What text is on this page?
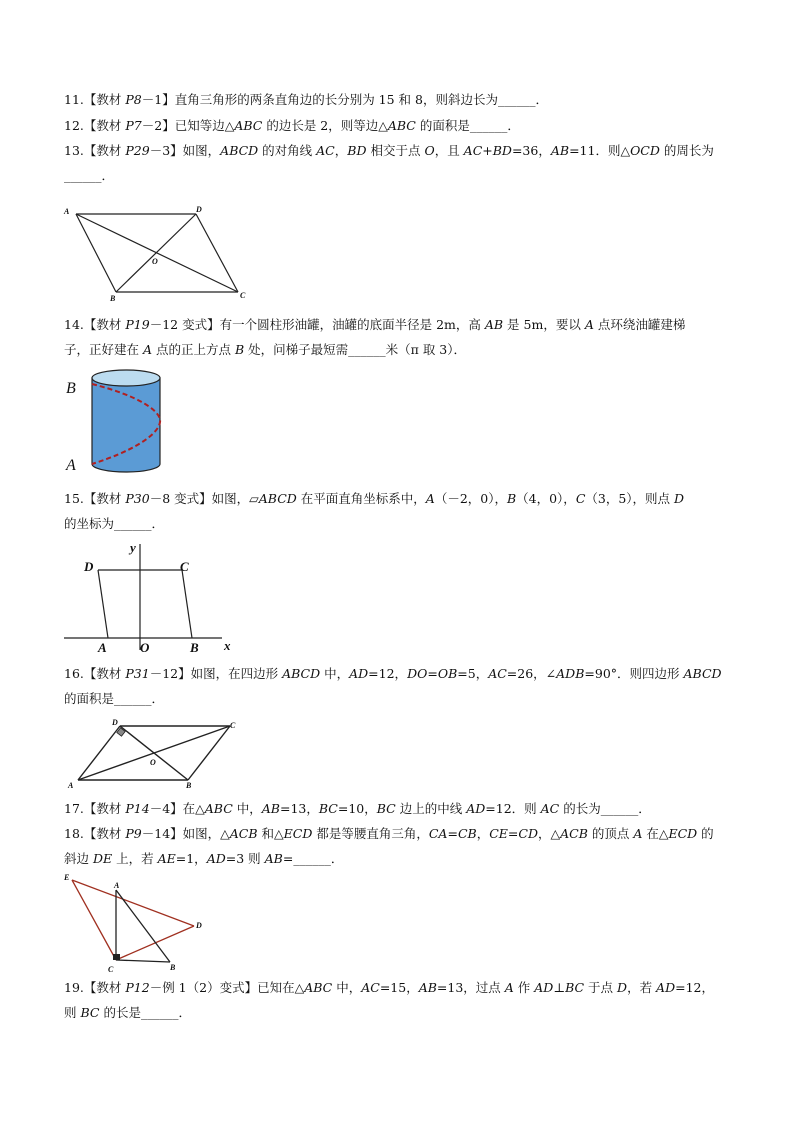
11.【教材 P8－1】直角三角形的两条直角边的长分别为 15 和 8，则斜边长为______．
12.【教材 P7－2】已知等边△ABC 的边长是 2，则等边△ABC 的面积是______．
13.【教材 P29－3】如图，ABCD 的对角线 AC，BD 相交于点 O，且 AC+BD=36，AB=11．则△OCD 的周长为
______．
A	D
O
B	C
14.【教材 P19－12 变式】有一个圆柱形油罐，油罐的底面半径是 2m，高 AB 是 5m，要以 A 点环绕油罐建梯
子，正好建在 A 点的正上方点 B 处，问梯子最短需______米（π 取 3）．
B
A
15.【教材 P30－8 变式】如图，▱ABCD 在平面直角坐标系中，A（－2，0），B（4，0），C（3，5），则点 D
的坐标为______．
D	C
A	O	B x
y
16.【教材 P31－12】如图，在四边形 ABCD 中，AD=12，DO=OB=5，AC=26，∠ADB=90°．则四边形 ABCD
的面积是______．
D	C
O
A	B
17.【教材 P14－4】在△ABC 中，AB=13，BC=10，BC 边上的中线 AD=12．则 AC 的长为______．
18.【教材 P9－14】如图，△ACB 和△ECD 都是等腰直角三角，CA=CB，CE=CD，△ACB 的顶点 A 在△ECD 的
斜边 DE 上，若 AE=1，AD=3 则 AB=______．
E
A
D
C	B
19.【教材 P12－例 1（2）变式】已知在△ABC 中，AC=15，AB=13，过点 A 作 AD⊥BC 于点 D，若 AD=12，
则 BC 的长是______．
